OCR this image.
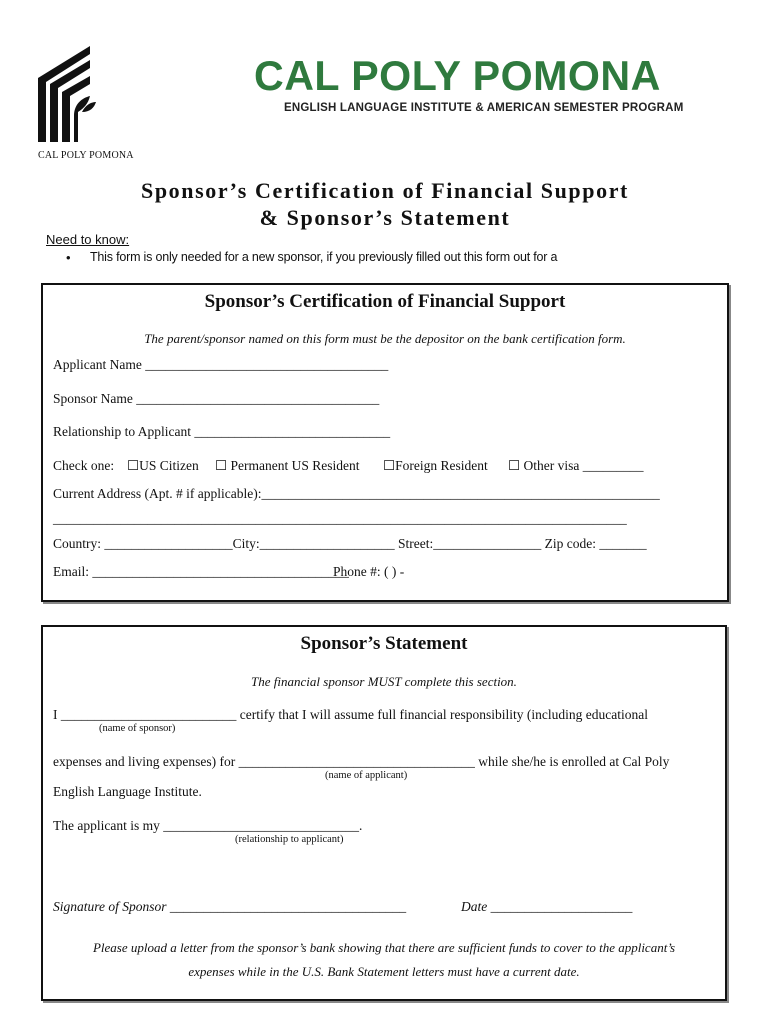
CAL POLY POMONA
CAL POLY POMONA
ENGLISH LANGUAGE INSTITUTE & AMERICAN SEMESTER PROGRAM
Sponsor’s Certification of Financial Support
& Sponsor’s Statement
Need to know:
• This form is only needed for a new sponsor, if you previously filled out this form out for a
Sponsor’s Certification of Financial Support
The parent/sponsor named on this form must be the depositor on the bank certification form.
Applicant Name ____________________________________
Sponsor Name ____________________________________
Relationship to Applicant _____________________________
Check one: ☐US Citizen ☐ Permanent US Resident ☐Foreign Resident ☐ Other visa _________
Current Address (Apt. # if applicable):___________________________________________________________
_____________________________________________________________________________________
Country: ___________________City:____________________ Street:________________ Zip code: _______
Email: ______________________________________
Phone #: ( ) -
Sponsor’s Statement
The financial sponsor MUST complete this section.
I __________________________ certify that I will assume full financial responsibility (including educational
(name of sponsor)
expenses and living expenses) for ___________________________________ while she/he is enrolled at Cal Poly
(name of applicant)
English Language Institute.
The applicant is my _____________________________.
(relationship to applicant)
Signature of Sponsor ___________________________________	Date _____________________
Please upload a letter from the sponsor’s bank showing that there are sufficient funds to cover to the applicant’s
expenses while in the U.S. Bank Statement letters must have a current date.
